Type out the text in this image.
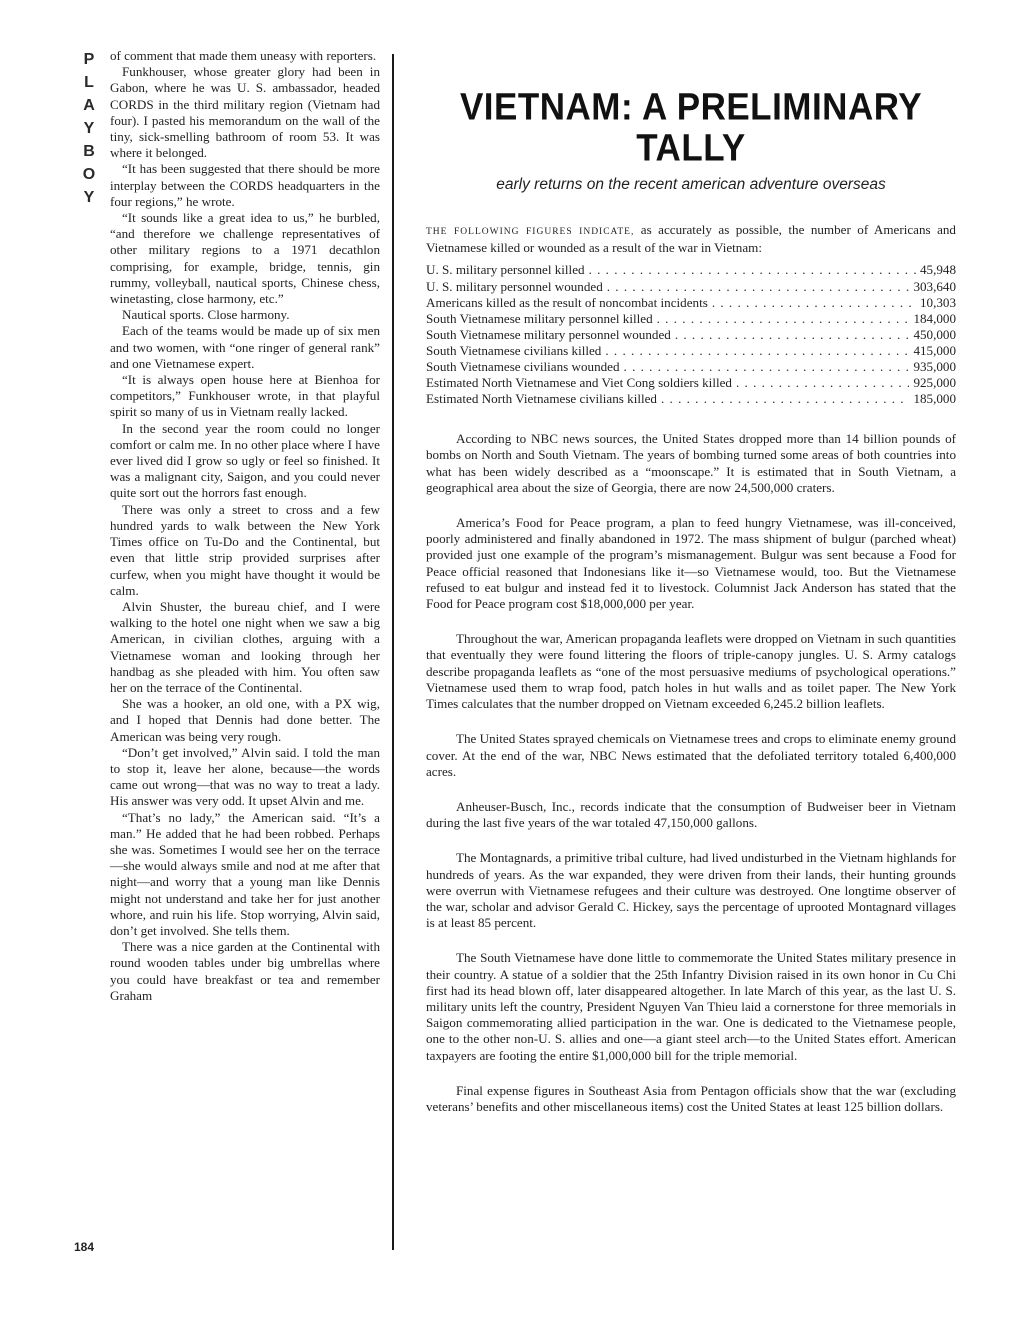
P
L
A
Y
B
O
Y

of comment that made them uneasy with reporters.

Funkhouser, whose greater glory had been in Gabon, where he was U. S. ambassador, headed CORDS in the third military region (Vietnam had four). I pasted his memorandum on the wall of the tiny, sick-smelling bathroom of room 53. It was where it belonged.

“It has been suggested that there should be more interplay between the CORDS headquarters in the four regions,” he wrote.

“It sounds like a great idea to us,” he burbled, “and therefore we challenge representatives of other military regions to a 1971 decathlon comprising, for example, bridge, tennis, gin rummy, volleyball, nautical sports, Chinese chess, winetasting, close harmony, etc.”

Nautical sports. Close harmony.

Each of the teams would be made up of six men and two women, with “one ringer of general rank” and one Vietnamese expert.

“It is always open house here at Bienhoa for competitors,” Funkhouser wrote, in that playful spirit so many of us in Vietnam really lacked.

In the second year the room could no longer comfort or calm me. In no other place where I have ever lived did I grow so ugly or feel so finished. It was a malignant city, Saigon, and you could never quite sort out the horrors fast enough.

There was only a street to cross and a few hundred yards to walk between the New York Times office on Tu-Do and the Continental, but even that little strip provided surprises after curfew, when you might have thought it would be calm.

Alvin Shuster, the bureau chief, and I were walking to the hotel one night when we saw a big American, in civilian clothes, arguing with a Vietnamese woman and looking through her handbag as she pleaded with him. You often saw her on the terrace of the Continental.

She was a hooker, an old one, with a PX wig, and I hoped that Dennis had done better. The American was being very rough.

“Don’t get involved,” Alvin said. I told the man to stop it, leave her alone, because—the words came out wrong—that was no way to treat a lady. His answer was very odd. It upset Alvin and me.

“That’s no lady,” the American said. “It’s a man.” He added that he had been robbed. Perhaps she was. Sometimes I would see her on the terrace—she would always smile and nod at me after that night—and worry that a young man like Dennis might not understand and take her for just another whore, and ruin his life. Stop worrying, Alvin said, don’t get involved. She tells them.

There was a nice garden at the Continental with round wooden tables under big umbrellas where you could have breakfast or tea and remember Graham

184
VIETNAM: A PRELIMINARY TALLY

early returns on the recent american adventure overseas

THE FOLLOWING FIGURES INDICATE, as accurately as possible, the number of Americans and Vietnamese killed or wounded as a result of the war in Vietnam:

U. S. military personnel killed . . .	45,948
U. S. military personnel wounded . . .	303,640
Americans killed as the result of noncombat incidents . . .	10,303
South Vietnamese military personnel killed . . .	184,000
South Vietnamese military personnel wounded . . .	450,000
South Vietnamese civilians killed . . .	415,000
South Vietnamese civilians wounded . . .	935,000
Estimated North Vietnamese and Viet Cong soldiers killed . . .	925,000
Estimated North Vietnamese civilians killed . . .	185,000

According to NBC news sources, the United States dropped more than 14 billion pounds of bombs on North and South Vietnam. The years of bombing turned some areas of both countries into what has been widely described as a “moonscape.” It is estimated that in South Vietnam, a geographical area about the size of Georgia, there are now 24,500,000 craters.

America’s Food for Peace program, a plan to feed hungry Vietnamese, was ill-conceived, poorly administered and finally abandoned in 1972. The mass shipment of bulgur (parched wheat) provided just one example of the program’s mismanagement. Bulgur was sent because a Food for Peace official reasoned that Indonesians like it—so Vietnamese would, too. But the Vietnamese refused to eat bulgur and instead fed it to livestock. Columnist Jack Anderson has stated that the Food for Peace program cost $18,000,000 per year.

Throughout the war, American propaganda leaflets were dropped on Vietnam in such quantities that eventually they were found littering the floors of triple-canopy jungles. U. S. Army catalogs describe propaganda leaflets as “one of the most persuasive mediums of psychological operations.” Vietnamese used them to wrap food, patch holes in hut walls and as toilet paper. The New York Times calculates that the number dropped on Vietnam exceeded 6,245.2 billion leaflets.

The United States sprayed chemicals on Vietnamese trees and crops to eliminate enemy ground cover. At the end of the war, NBC News estimated that the defoliated territory totaled 6,400,000 acres.

Anheuser-Busch, Inc., records indicate that the consumption of Budweiser beer in Vietnam during the last five years of the war totaled 47,150,000 gallons.

The Montagnards, a primitive tribal culture, had lived undisturbed in the Vietnam highlands for hundreds of years. As the war expanded, they were driven from their lands, their hunting grounds were overrun with Vietnamese refugees and their culture was destroyed. One longtime observer of the war, scholar and advisor Gerald C. Hickey, says the percentage of uprooted Montagnard villages is at least 85 percent.

The South Vietnamese have done little to commemorate the United States military presence in their country. A statue of a soldier that the 25th Infantry Division raised in its own honor in Cu Chi first had its head blown off, later disappeared altogether. In late March of this year, as the last U. S. military units left the country, President Nguyen Van Thieu laid a cornerstone for three memorials in Saigon commemorating allied participation in the war. One is dedicated to the Vietnamese people, one to the other non-U. S. allies and one—a giant steel arch—to the United States effort. American taxpayers are footing the entire $1,000,000 bill for the triple memorial.

Final expense figures in Southeast Asia from Pentagon officials show that the war (excluding veterans’ benefits and other miscellaneous items) cost the United States at least 125 billion dollars.
